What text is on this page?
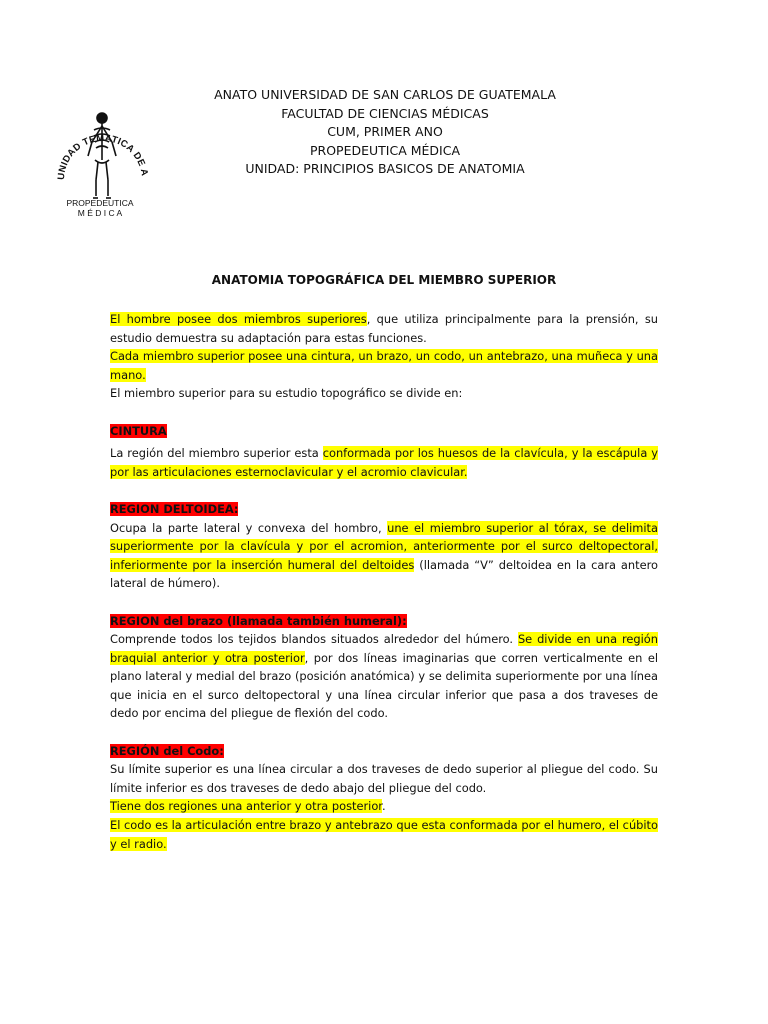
UNIDAD TEMATICA DE A
PROPEDEUTICA
M É D I C A
ANATO UNIVERSIDAD DE SAN CARLOS DE GUATEMALA
FACULTAD DE CIENCIAS MÉDICAS
CUM, PRIMER ANO
PROPEDEUTICA MÉDICA
UNIDAD: PRINCIPIOS BASICOS DE ANATOMIA
ANATOMIA TOPOGRÁFICA DEL MIEMBRO SUPERIOR

El hombre posee dos miembros superiores, que utiliza principalmente para la prensión, su estudio demuestra su adaptación para estas funciones.

Cada miembro superior posee una cintura, un brazo, un codo, un antebrazo, una muñeca y una mano.

El miembro superior para su estudio topográfico se divide en:

CINTURA

La región del miembro superior esta conformada por los huesos de la clavícula, y la escápula y por las articulaciones esternoclavicular y el acromio clavicular.

REGION DELTOIDEA:

Ocupa la parte lateral y convexa del hombro, une el miembro superior al tórax, se delimita superiormente por la clavícula y por el acromion, anteriormente por el surco deltopectoral, inferiormente por la inserción humeral del deltoides (llamada “V” deltoidea en la cara antero lateral de húmero).

REGION del brazo (llamada también humeral):

Comprende todos los tejidos blandos situados alrededor del húmero. Se divide en una región braquial anterior y otra posterior, por dos líneas imaginarias que corren verticalmente en el plano lateral y medial del brazo (posición anatómica) y se delimita superiormente por una línea que inicia en el surco deltopectoral y una línea circular inferior que pasa a dos traveses de dedo por encima del pliegue de flexión del codo.

REGIÓN del Codo:

Su límite superior es una línea circular a dos traveses de dedo superior al pliegue del codo. Su límite inferior es dos traveses de dedo abajo del pliegue del codo.

Tiene dos regiones una anterior y otra posterior.

El codo es la articulación entre brazo y antebrazo que esta conformada por el humero, el cúbito y el radio.
